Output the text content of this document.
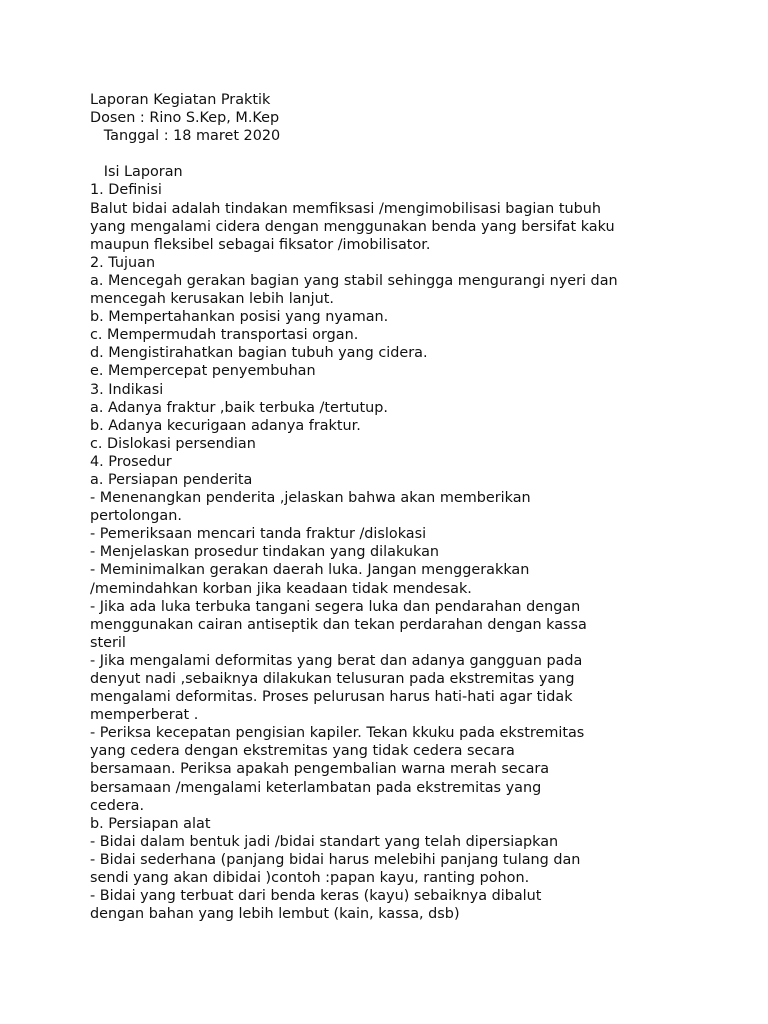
Laporan Kegiatan Praktik
Dosen : Rino S.Kep, M.Kep
Tanggal : 18 maret 2020
Isi Laporan
1. Definisi
Balut bidai adalah tindakan memfiksasi /mengimobilisasi bagian tubuh
yang mengalami cidera dengan menggunakan benda yang bersifat kaku
maupun fleksibel sebagai fiksator /imobilisator.
2. Tujuan
a. Mencegah gerakan bagian yang stabil sehingga mengurangi nyeri dan
mencegah kerusakan lebih lanjut.
b. Mempertahankan posisi yang nyaman.
c. Mempermudah transportasi organ.
d. Mengistirahatkan bagian tubuh yang cidera.
e. Mempercepat penyembuhan
3. Indikasi
a. Adanya fraktur ,baik terbuka /tertutup.
b. Adanya kecurigaan adanya fraktur.
c. Dislokasi persendian
4. Prosedur
a. Persiapan penderita
- Menenangkan penderita ,jelaskan bahwa akan memberikan
pertolongan.
- Pemeriksaan mencari tanda fraktur /dislokasi
- Menjelaskan prosedur tindakan yang dilakukan
- Meminimalkan gerakan daerah luka. Jangan menggerakkan
/memindahkan korban jika keadaan tidak mendesak.
- Jika ada luka terbuka tangani segera luka dan pendarahan dengan
menggunakan cairan antiseptik dan tekan perdarahan dengan kassa
steril
- Jika mengalami deformitas yang berat dan adanya gangguan pada
denyut nadi ,sebaiknya dilakukan telusuran pada ekstremitas yang
mengalami deformitas. Proses pelurusan harus hati-hati agar tidak
memperberat .
- Periksa kecepatan pengisian kapiler. Tekan kkuku pada ekstremitas
yang cedera dengan ekstremitas yang tidak cedera secara
bersamaan. Periksa apakah pengembalian warna merah secara
bersamaan /mengalami keterlambatan pada ekstremitas yang
cedera.
b. Persiapan alat
- Bidai dalam bentuk jadi /bidai standart yang telah dipersiapkan
- Bidai sederhana (panjang bidai harus melebihi panjang tulang dan
sendi yang akan dibidai )contoh :papan kayu, ranting pohon.
- Bidai yang terbuat dari benda keras (kayu) sebaiknya dibalut
dengan bahan yang lebih lembut (kain, kassa, dsb)
